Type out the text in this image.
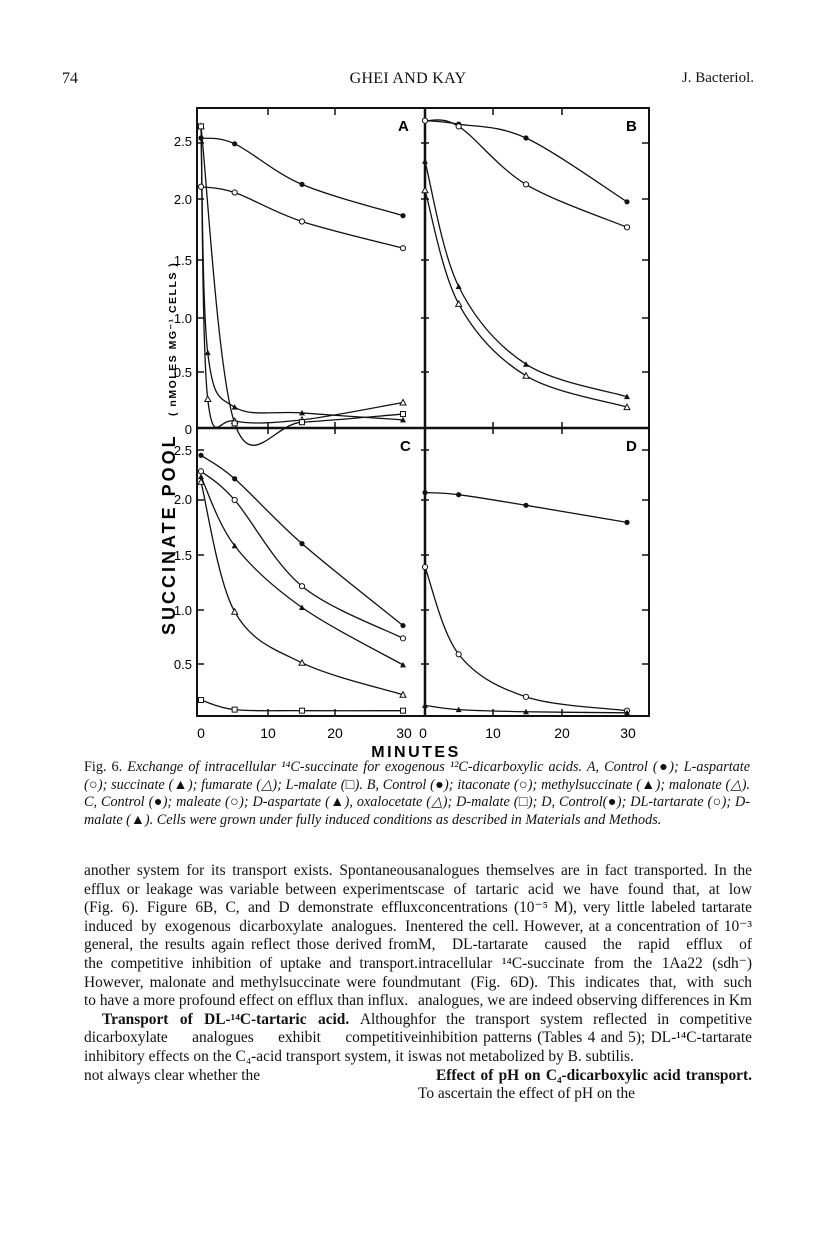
74	GHEI AND KAY	J. Bacteriol.
A	B
C	D
SUCCINATE POOL
( nMOLES MG⁻¹ CELLS )
MINUTES
2.5
2.0
1.5
1.0
0.5
0
2.5
2.0
1.5
1.0
0.5
0	10	20	30 0	10	20	30
Fig. 6. Exchange of intracellular ¹⁴C-succinate for exogenous ¹²C-dicarboxylic acids. A, Control (●); L-aspartate (○); succinate (▲); fumarate (△); L-malate (□). B, Control (●); itaconate (○); methylsuccinate (▲); malonate (△). C, Control (●); maleate (○); D-aspartate (▲), oxalocetate (△); D-malate (□); D, Control(●); DL-tartarate (○); D-malate (▲). Cells were grown under fully induced conditions as described in Materials and Methods.

another system for its transport exists. Spontaneous efflux or leakage was variable between experiments (Fig. 6). Figure 6B, C, and D demonstrate efflux induced by exogenous dicarboxylate analogues. In general, the results again reflect those derived from the competitive inhibition of uptake and transport. However, malonate and methylsuccinate were found to have a more profound effect on efflux than influx.

Transport of DL-¹⁴C-tartaric acid. Although dicarboxylate analogues exhibit competitive inhibitory effects on the C₄-acid transport system, it is not always clear whether the

analogues themselves are in fact transported. In the case of tartaric acid we have found that, at low concentrations (10⁻⁵ M), very little labeled tartarate entered the cell. However, at a concentration of 10⁻³ M, DL-tartarate caused the rapid efflux of intracellular ¹⁴C-succinate from the 1Aa22 (sdh⁻) mutant (Fig. 6D). This indicates that, with such analogues, we are indeed observing differences in Km for the transport system reflected in competitive inhibition patterns (Tables 4 and 5); DL-¹⁴C-tartarate was not metabolized by B. subtilis.

Effect of pH on C₄-dicarboxylic acid transport. To ascertain the effect of pH on the
